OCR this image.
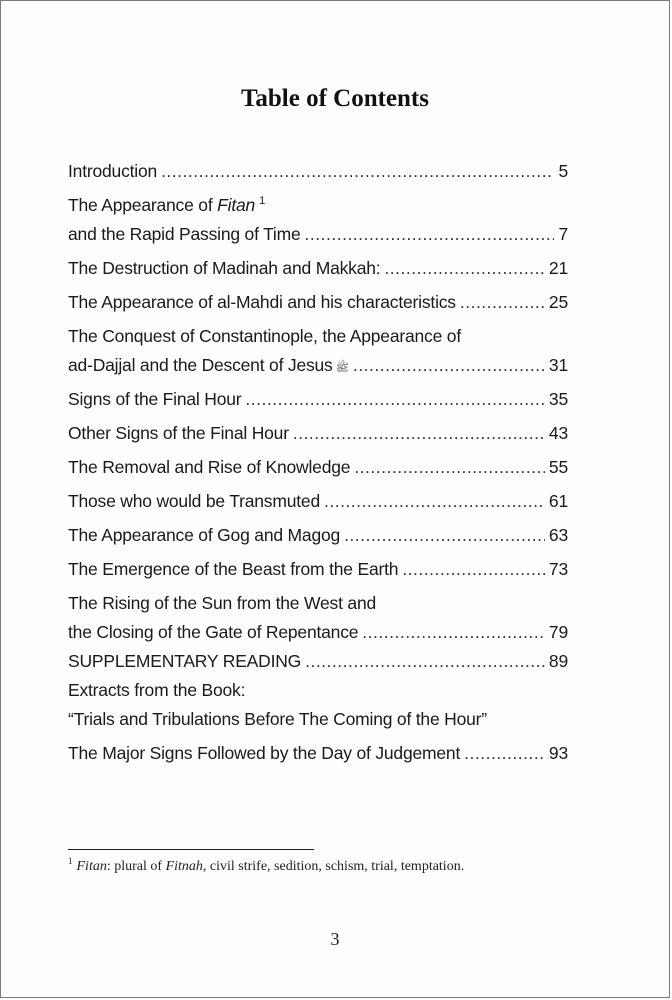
Table of Contents
Introduction .....	5
The Appearance of Fitan $^1$
and the Rapid Passing of Time .....	7
The Destruction of Madinah and Makkah: .....	21
The Appearance of al-Mahdi and his characteristics .....	25
The Conquest of Constantinople, the Appearance of
ad-Dajjal and the Descent of Jesus ﷺ .....	31
Signs of the Final Hour .....	35
Other Signs of the Final Hour .....	43
The Removal and Rise of Knowledge .....	55
Those who would be Transmuted .....	61
The Appearance of Gog and Magog .....	63
The Emergence of the Beast from the Earth .....	73
The Rising of the Sun from the West and
the Closing of the Gate of Repentance .....	79
SUPPLEMENTARY READING .....	89
Extracts from the Book:
“Trials and Tribulations Before The Coming of the Hour”
The Major Signs Followed by the Day of Judgement .....	93
$^1$ Fitan: plural of Fitnah, civil strife, sedition, schism, trial, temptation.
3
